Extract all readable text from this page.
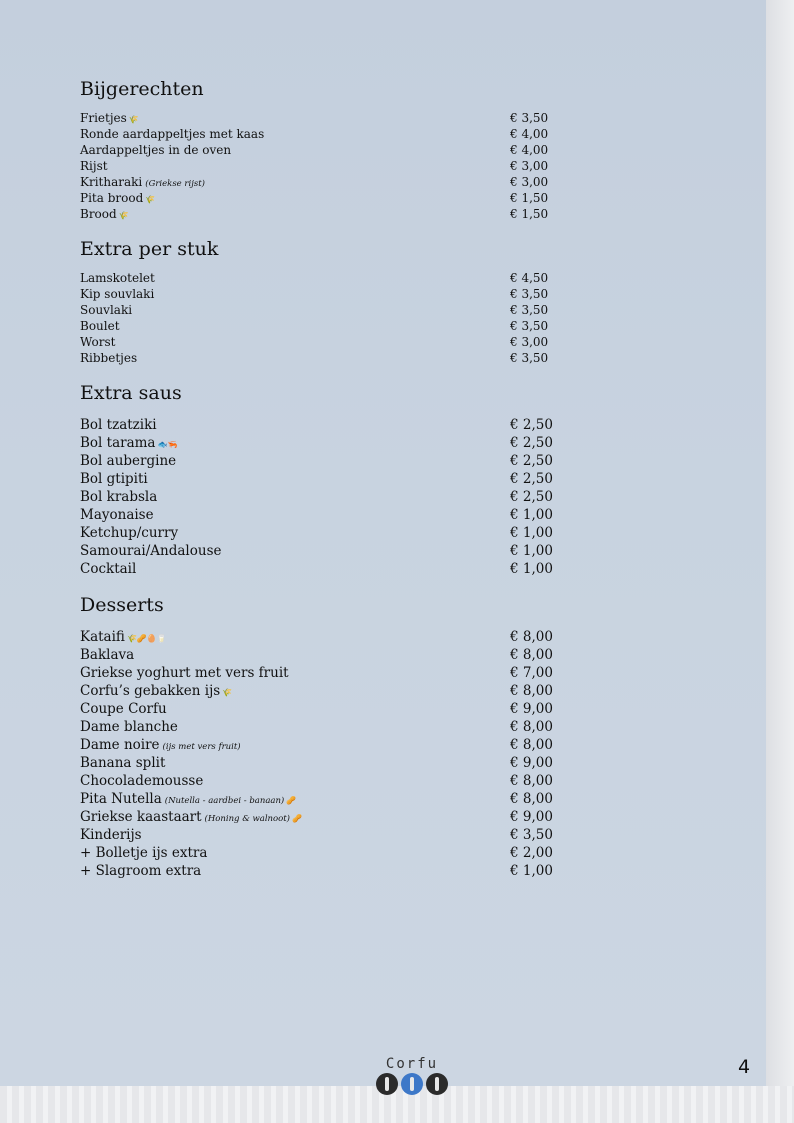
Bijgerechten
Frietjes 🌾	€ 3,50
Ronde aardappeltjes met kaas	€ 4,00
Aardappeltjes in de oven	€ 4,00
Rijst	€ 3,00
Kritharaki (Griekse rijst)	€ 3,00
Pita brood 🌾	€ 1,50
Brood 🌾	€ 1,50
Extra per stuk
Lamskotelet	€ 4,50
Kip souvlaki	€ 3,50
Souvlaki	€ 3,50
Boulet	€ 3,50
Worst	€ 3,00
Ribbetjes	€ 3,50
Extra saus
Bol tzatziki	€ 2,50
Bol tarama 🐟🦐	€ 2,50
Bol aubergine	€ 2,50
Bol gtipiti	€ 2,50
Bol krabsla	€ 2,50
Mayonaise	€ 1,00
Ketchup/curry	€ 1,00
Samourai/Andalouse	€ 1,00
Cocktail	€ 1,00
Desserts
Kataifi 🌾🥜🥚🥛	€ 8,00
Baklava	€ 8,00
Griekse yoghurt met vers fruit	€ 7,00
Corfu’s gebakken ijs 🌾	€ 8,00
Coupe Corfu	€ 9,00
Dame blanche	€ 8,00
Dame noire (ijs met vers fruit)	€ 8,00
Banana split	€ 9,00
Chocolademousse	€ 8,00
Pita Nutella (Nutella - aardbei - banaan) 🥜	€ 8,00
Griekse kaastaart (Honing & walnoot) 🥜	€ 9,00
Kinderijs	€ 3,50
+ Bolletje ijs extra	€ 2,00
+ Slagroom extra	€ 1,00
Corfu	4
